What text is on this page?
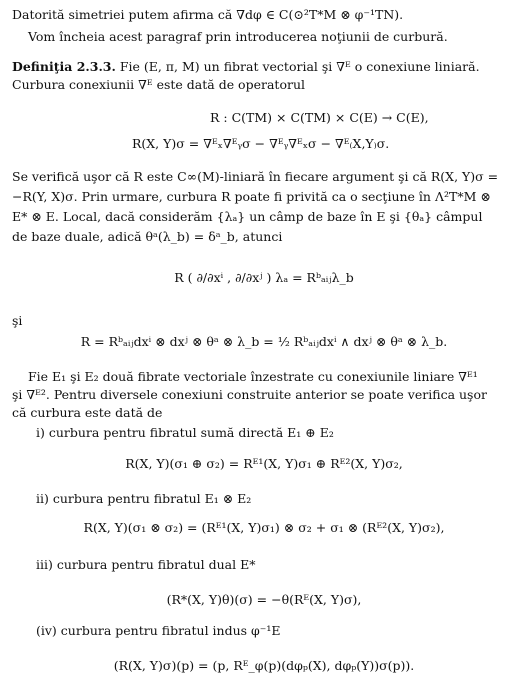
Datorită simetriei putem afirma că ∇dφ ∈ C(⊙²T*M ⊗ φ⁻¹TN).
Vom încheia acest paragraf prin introducerea noţiunii de curbură.
Definiţia 2.3.3. Fie (E, π, M) un fibrat vectorial şi ∇ᴱ o conexiune liniară.
Curbura conexiunii ∇ᴱ este dată de operatorul
R : C(TM) × C(TM) × C(E) → C(E),
R(X, Y)σ = ∇ᴱₓ∇ᴱᵧσ − ∇ᴱᵧ∇ᴱₓσ − ∇ᴱ₍X,Y₎σ.
Se verifică uşor că R este C∞(M)-liniară în fiecare argument şi că R(X, Y)σ =
−R(Y, X)σ. Prin urmare, curbura R poate fi privită ca o secţiune în Λ²T*M ⊗
E* ⊗ E. Local, dacă considerăm {λₐ} un câmp de baze în E şi {θₐ} câmpul
de baze duale, adică θᵃ(λ_b) = δᵃ_b, atunci
R ( ∂/∂xⁱ , ∂/∂xʲ ) λₐ = Rᵇₐᵢⱼλ_b
şi
R = Rᵇₐᵢⱼdxⁱ ⊗ dxʲ ⊗ θᵃ ⊗ λ_b = ½ Rᵇₐᵢⱼdxⁱ ∧ dxʲ ⊗ θᵃ ⊗ λ_b.
Fie E₁ şi E₂ două fibrate vectoriale înzestrate cu conexiunile liniare ∇ᴱ¹
şi ∇ᴱ². Pentru diversele conexiuni construite anterior se poate verifica uşor
că curbura este dată de
i) curbura pentru fibratul sumă directă E₁ ⊕ E₂
R(X, Y)(σ₁ ⊕ σ₂) = Rᴱ¹(X, Y)σ₁ ⊕ Rᴱ²(X, Y)σ₂,
ii) curbura pentru fibratul E₁ ⊗ E₂
R(X, Y)(σ₁ ⊗ σ₂) = (Rᴱ¹(X, Y)σ₁) ⊗ σ₂ + σ₁ ⊗ (Rᴱ²(X, Y)σ₂),
iii) curbura pentru fibratul dual E*
(R*(X, Y)θ)(σ) = −θ(Rᴱ(X, Y)σ),
(iv) curbura pentru fibratul indus φ⁻¹E
(R(X, Y)σ)(p) = (p, Rᴱ_φ(p)(dφₚ(X), dφₚ(Y))σ(p)).
